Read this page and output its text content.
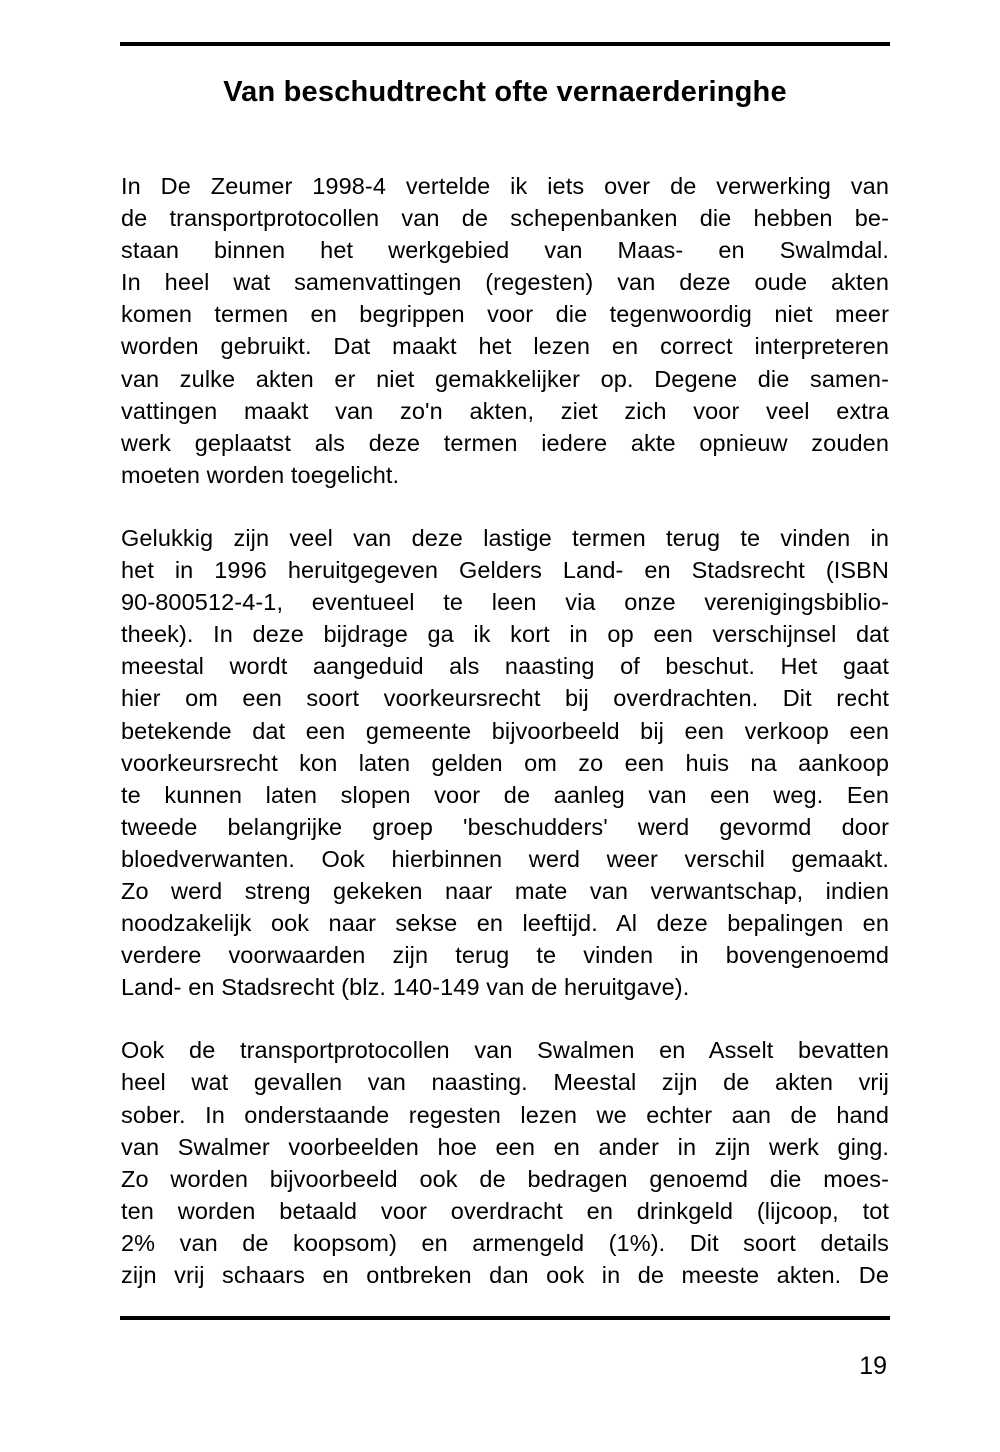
Van beschudtrecht ofte vernaerderinghe
In De Zeumer 1998-4 vertelde ik iets over de verwerking van
de transportprotocollen van de schepenbanken die hebben be-
staan binnen het werkgebied van Maas- en Swalmdal.
In heel wat samenvattingen (regesten) van deze oude akten
komen termen en begrippen voor die tegenwoordig niet meer
worden gebruikt. Dat maakt het lezen en correct interpreteren
van zulke akten er niet gemakkelijker op. Degene die samen-
vattingen maakt van zo'n akten, ziet zich voor veel extra
werk geplaatst als deze termen iedere akte opnieuw zouden
moeten worden toegelicht.
Gelukkig zijn veel van deze lastige termen terug te vinden in
het in 1996 heruitgegeven Gelders Land- en Stadsrecht (ISBN
90-800512-4-1, eventueel te leen via onze verenigingsbiblio-
theek). In deze bijdrage ga ik kort in op een verschijnsel dat
meestal wordt aangeduid als naasting of beschut. Het gaat
hier om een soort voorkeursrecht bij overdrachten. Dit recht
betekende dat een gemeente bijvoorbeeld bij een verkoop een
voorkeursrecht kon laten gelden om zo een huis na aankoop
te kunnen laten slopen voor de aanleg van een weg. Een
tweede belangrijke groep 'beschudders' werd gevormd door
bloedverwanten. Ook hierbinnen werd weer verschil gemaakt.
Zo werd streng gekeken naar mate van verwantschap, indien
noodzakelijk ook naar sekse en leeftijd. Al deze bepalingen en
verdere voorwaarden zijn terug te vinden in bovengenoemd
Land- en Stadsrecht (blz. 140-149 van de heruitgave).
Ook de transportprotocollen van Swalmen en Asselt bevatten
heel wat gevallen van naasting. Meestal zijn de akten vrij
sober. In onderstaande regesten lezen we echter aan de hand
van Swalmer voorbeelden hoe een en ander in zijn werk ging.
Zo worden bijvoorbeeld ook de bedragen genoemd die moes-
ten worden betaald voor overdracht en drinkgeld (lijcoop, tot
2% van de koopsom) en armengeld (1%). Dit soort details
zijn vrij schaars en ontbreken dan ook in de meeste akten. De

19
